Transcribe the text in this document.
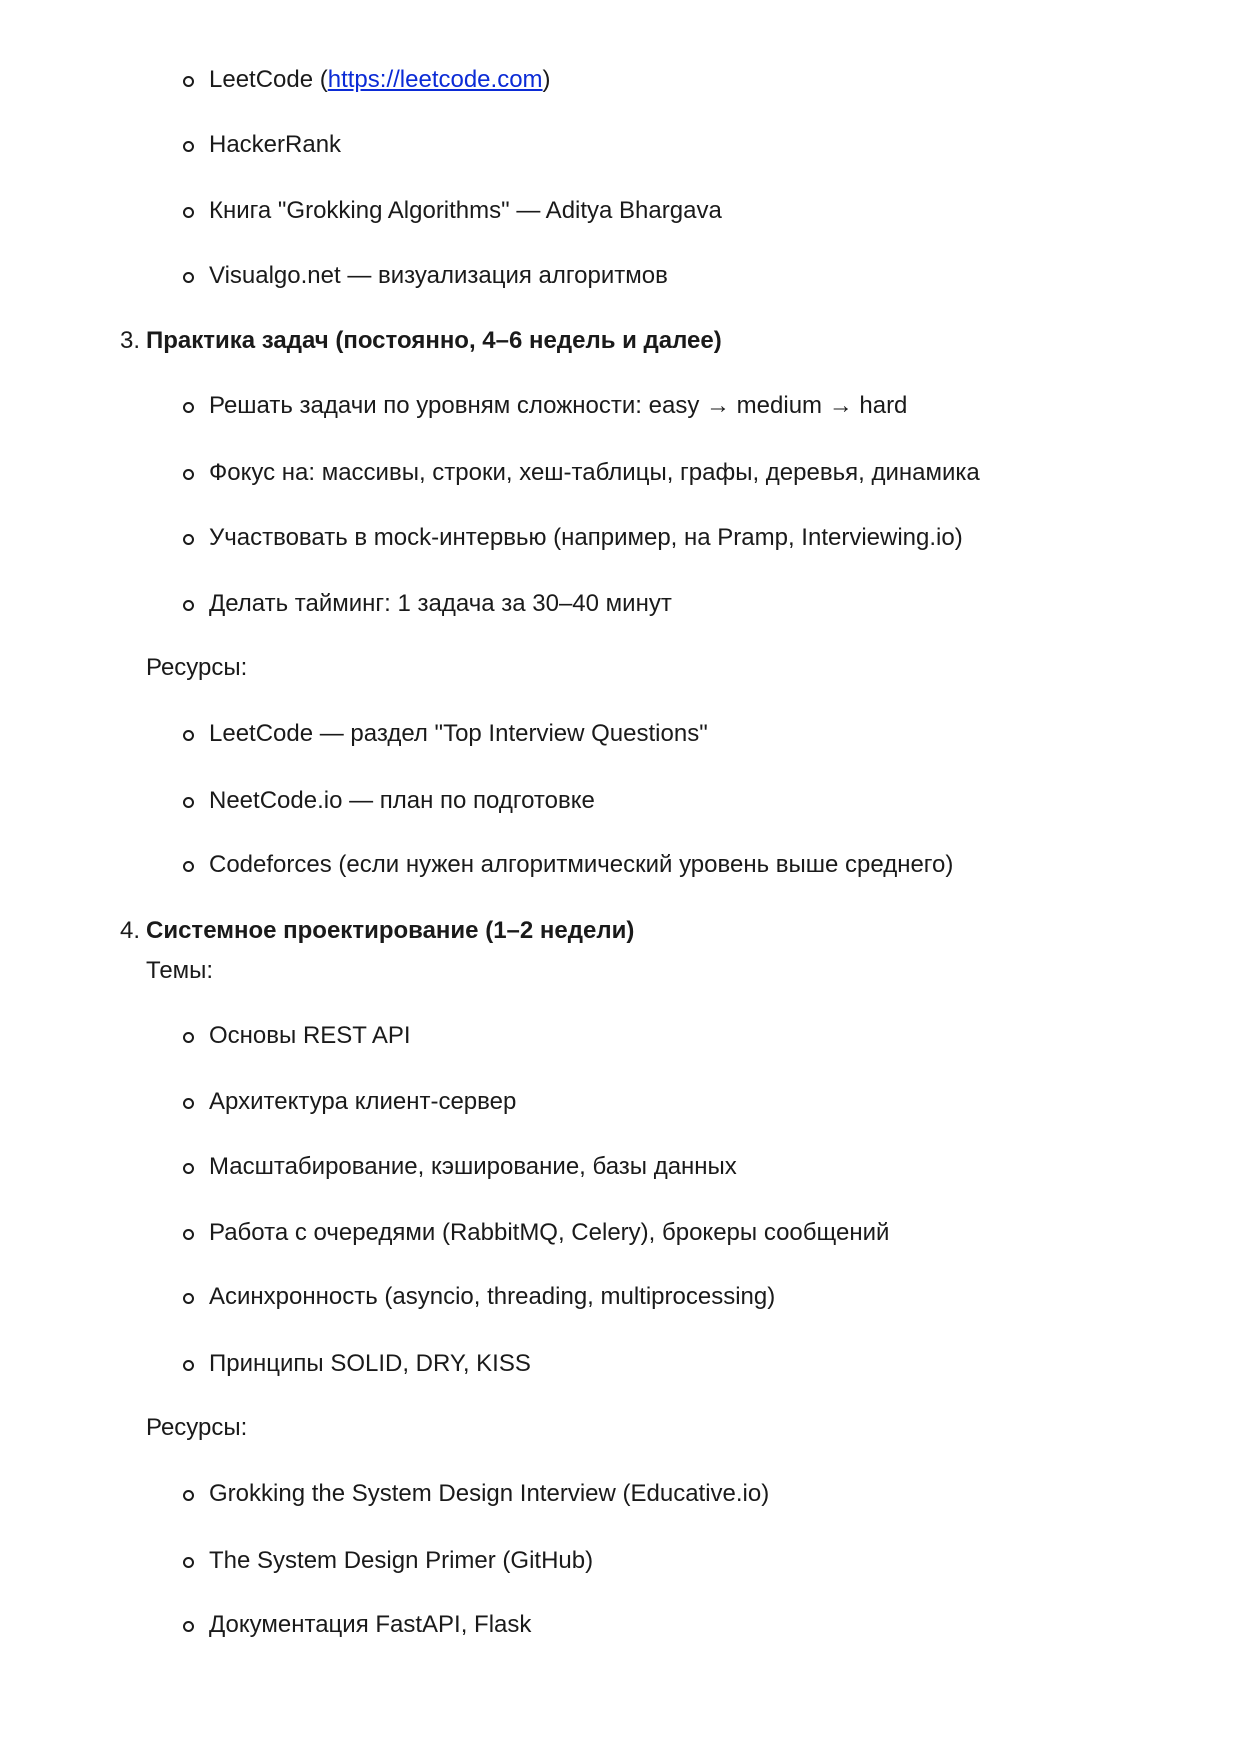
LeetCode (https://leetcode.com)
HackerRank
Книга "Grokking Algorithms" — Aditya Bhargava
Visualgo.net — визуализация алгоритмов
3. Практика задач (постоянно, 4–6 недель и далее)
Решать задачи по уровням сложности: easy → medium → hard
Фокус на: массивы, строки, хеш-таблицы, графы, деревья, динамика
Участвовать в mock-интервью (например, на Pramp, Interviewing.io)
Делать тайминг: 1 задача за 30–40 минут
Ресурсы:
LeetCode — раздел "Top Interview Questions"
NeetCode.io — план по подготовке
Codeforces (если нужен алгоритмический уровень выше среднего)
4. Системное проектирование (1–2 недели)
Темы:
Основы REST API
Архитектура клиент-сервер
Масштабирование, кэширование, базы данных
Работа с очередями (RabbitMQ, Celery), брокеры сообщений
Асинхронность (asyncio, threading, multiprocessing)
Принципы SOLID, DRY, KISS
Ресурсы:
Grokking the System Design Interview (Educative.io)
The System Design Primer (GitHub)
Документация FastAPI, Flask
